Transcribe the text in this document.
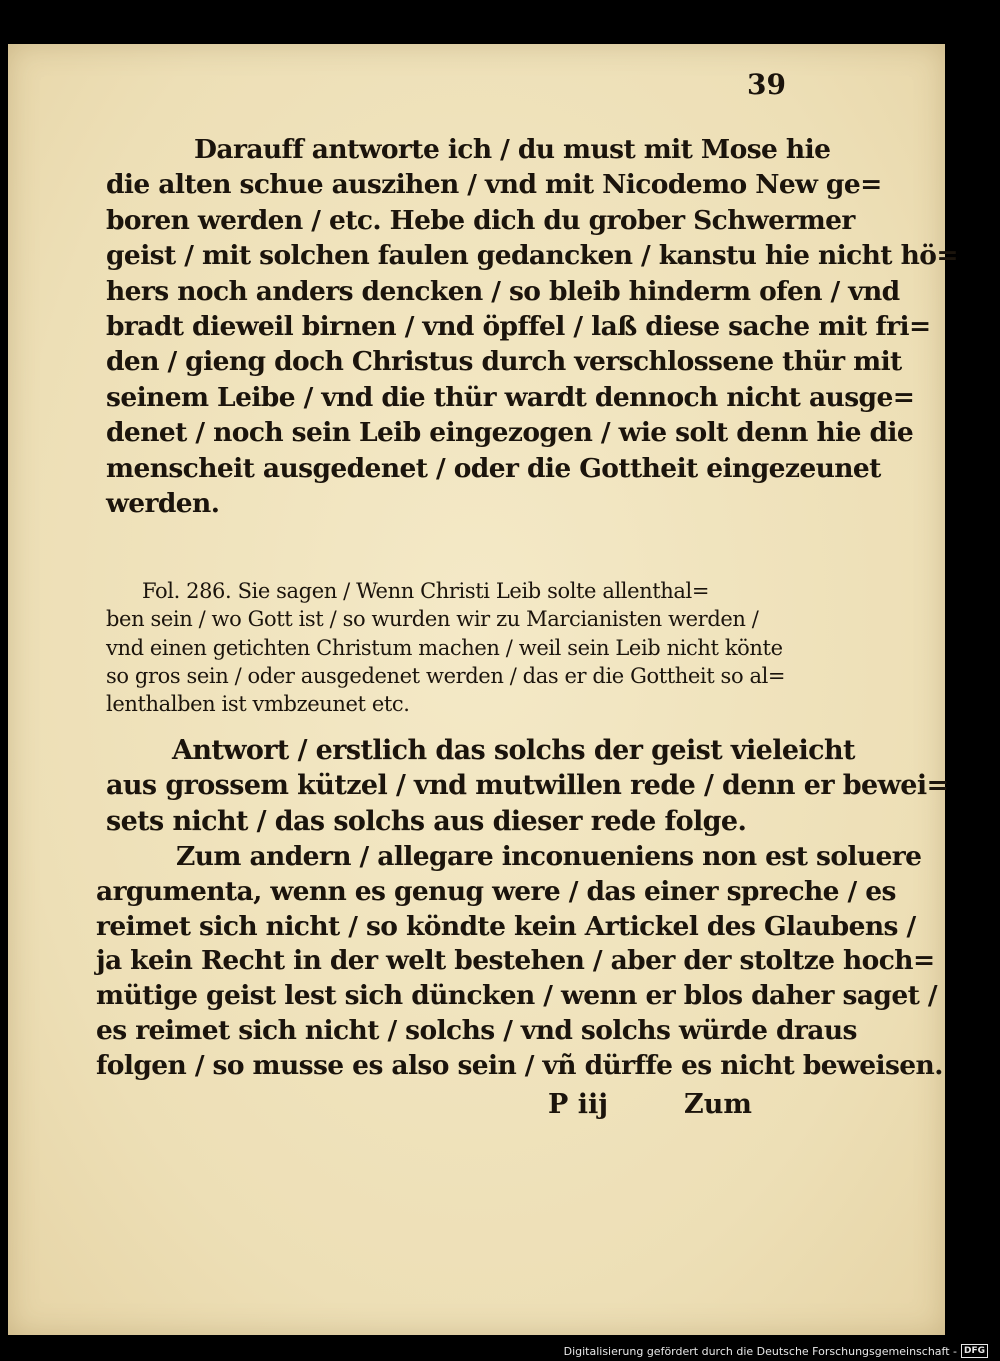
39
Darauff antworte ich / du must mit Mose hie
die alten schue auszihen / vnd mit Nicodemo New ge=
boren werden / etc. Hebe dich du grober Schwermer
geist / mit solchen faulen gedancken / kanstu hie nicht hö=
hers noch anders dencken / so bleib hinderm ofen / vnd
bradt dieweil birnen / vnd öpffel / laß diese sache mit fri=
den / gieng doch Christus durch verschlossene thür mit
seinem Leibe / vnd die thür wardt dennoch nicht ausge=
denet / noch sein Leib eingezogen / wie solt denn hie die
menscheit ausgedenet / oder die Gottheit eingezeunet
werden.
Fol. 286. Sie sagen / Wenn Christi Leib solte allenthal=
ben sein / wo Gott ist / so wurden wir zu Marcianisten werden /
vnd einen getichten Christum machen / weil sein Leib nicht könte
so gros sein / oder ausgedenet werden / das er die Gottheit so al=
lenthalben ist vmbzeunet etc.
Antwort / erstlich das solchs der geist vieleicht
aus grossem kützel / vnd mutwillen rede / denn er bewei=
sets nicht / das solchs aus dieser rede folge.
Zum andern / allegare inconueniens non est soluere
argumenta, wenn es genug were / das einer spreche / es
reimet sich nicht / so köndte kein Artickel des Glaubens /
ja kein Recht in der welt bestehen / aber der stoltze hoch=
mütige geist lest sich düncken / wenn er blos daher saget /
es reimet sich nicht / solchs / vnd solchs würde draus
folgen / so musse es also sein / vñ dürffe es nicht beweisen.
P iij	Zum
Digitalisierung gefördert durch die Deutsche Forschungsgemeinschaft - DFG
